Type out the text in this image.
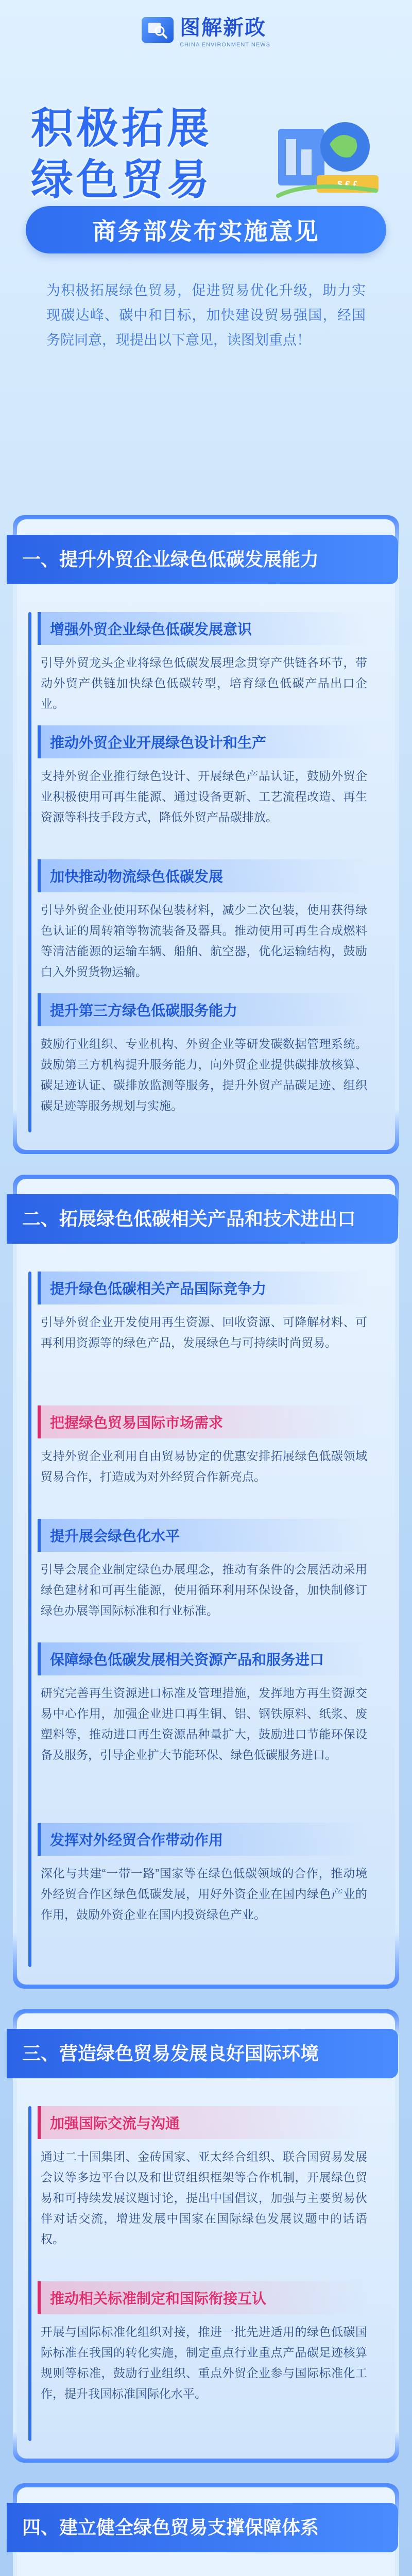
图解新政
CHINA ENVIRONMENT NEWS
积极拓展
绿色贸易	$ € £
商务部发布实施意见
为积极拓展绿色贸易，促进贸易优化升级，助力实现碳达峰、碳中和目标，加快建设贸易强国，经国务院同意，现提出以下意见，读图划重点！
一、提升外贸企业绿色低碳发展能力
增强外贸企业绿色低碳发展意识
引导外贸龙头企业将绿色低碳发展理念贯穿产供链各环节，带动外贸产供链加快绿色低碳转型，培育绿色低碳产品出口企业。
推动外贸企业开展绿色设计和生产
支持外贸企业推行绿色设计、开展绿色产品认证，鼓励外贸企业积极使用可再生能源、通过设备更新、工艺流程改造、再生资源等科技手段方式，降低外贸产品碳排放。
加快推动物流绿色低碳发展
引导外贸企业使用环保包装材料，减少二次包装，使用获得绿色认证的周转箱等物流装备及器具。推动使用可再生合成燃料等清洁能源的运输车辆、船舶、航空器，优化运输结构，鼓励白入外贸货物运输。
提升第三方绿色低碳服务能力
鼓励行业组织、专业机构、外贸企业等研发碳数据管理系统。鼓励第三方机构提升服务能力，向外贸企业提供碳排放核算、碳足迹认证、碳排放监测等服务，提升外贸产品碳足迹、组织碳足迹等服务规划与实施。
二、拓展绿色低碳相关产品和技术进出口
提升绿色低碳相关产品国际竞争力
引导外贸企业开发使用再生资源、回收资源、可降解材料、可再利用资源等的绿色产品，发展绿色与可持续时尚贸易。
把握绿色贸易国际市场需求
支持外贸企业利用自由贸易协定的优惠安排拓展绿色低碳领域贸易合作，打造成为对外经贸合作新亮点。
提升展会绿色化水平
引导会展企业制定绿色办展理念，推动有条件的会展活动采用绿色建材和可再生能源，使用循环利用环保设备，加快制修订绿色办展等国际标准和行业标准。
保障绿色低碳发展相关资源产品和服务进口
研究完善再生资源进口标准及管理措施，发挥地方再生资源交易中心作用，加强企业进口再生铜、铝、钢铁原料、纸浆、废塑料等，推动进口再生资源品种量扩大，鼓励进口节能环保设备及服务，引导企业扩大节能环保、绿色低碳服务进口。
发挥对外经贸合作带动作用
深化与共建“一带一路”国家等在绿色低碳领域的合作，推动境外经贸合作区绿色低碳发展，用好外资企业在国内绿色产业的作用，鼓励外资企业在国内投资绿色产业。
三、营造绿色贸易发展良好国际环境
加强国际交流与沟通
通过二十国集团、金砖国家、亚太经合组织、联合国贸易发展会议等多边平台以及和世贸组织框架等合作机制，开展绿色贸易和可持续发展议题讨论，提出中国倡议，加强与主要贸易伙伴对话交流，增进发展中国家在国际绿色发展议题中的话语权。
推动相关标准制定和国际衔接互认
开展与国际标准化组织对接，推进一批先进适用的绿色低碳国际标准在我国的转化实施，制定重点行业重点产品碳足迹核算规则等标准，鼓励行业组织、重点外贸企业参与国际标准化工作，提升我国标准国际化水平。
四、建立健全绿色贸易支撑保障体系
